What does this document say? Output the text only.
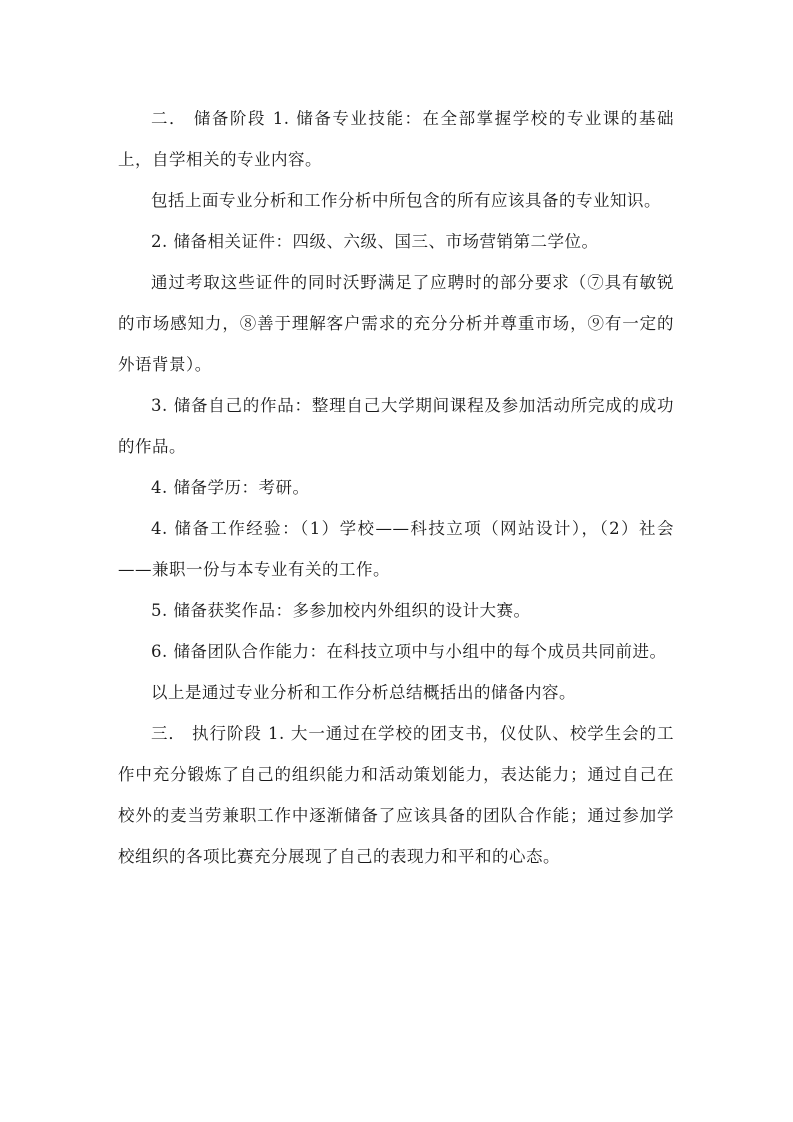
二． 储备阶段 1. 储备专业技能：在全部掌握学校的专业课的基础上，自学相关的专业内容。

包括上面专业分析和工作分析中所包含的所有应该具备的专业知识。

2. 储备相关证件：四级、六级、国三、市场营销第二学位。

通过考取这些证件的同时沃野满足了应聘时的部分要求（⑦具有敏锐的市场感知力，⑧善于理解客户需求的充分分析并尊重市场，⑨有一定的外语背景）。

3. 储备自己的作品：整理自己大学期间课程及参加活动所完成的成功的作品。

4. 储备学历：考研。

4. 储备工作经验：（1）学校——科技立项（网站设计），（2）社会——兼职一份与本专业有关的工作。

5. 储备获奖作品：多参加校内外组织的设计大赛。

6. 储备团队合作能力：在科技立项中与小组中的每个成员共同前进。

以上是通过专业分析和工作分析总结概括出的储备内容。

三． 执行阶段 1. 大一通过在学校的团支书，仪仗队、校学生会的工作中充分锻炼了自己的组织能力和活动策划能力，表达能力；通过自己在校外的麦当劳兼职工作中逐渐储备了应该具备的团队合作能；通过参加学校组织的各项比赛充分展现了自己的表现力和平和的心态。
